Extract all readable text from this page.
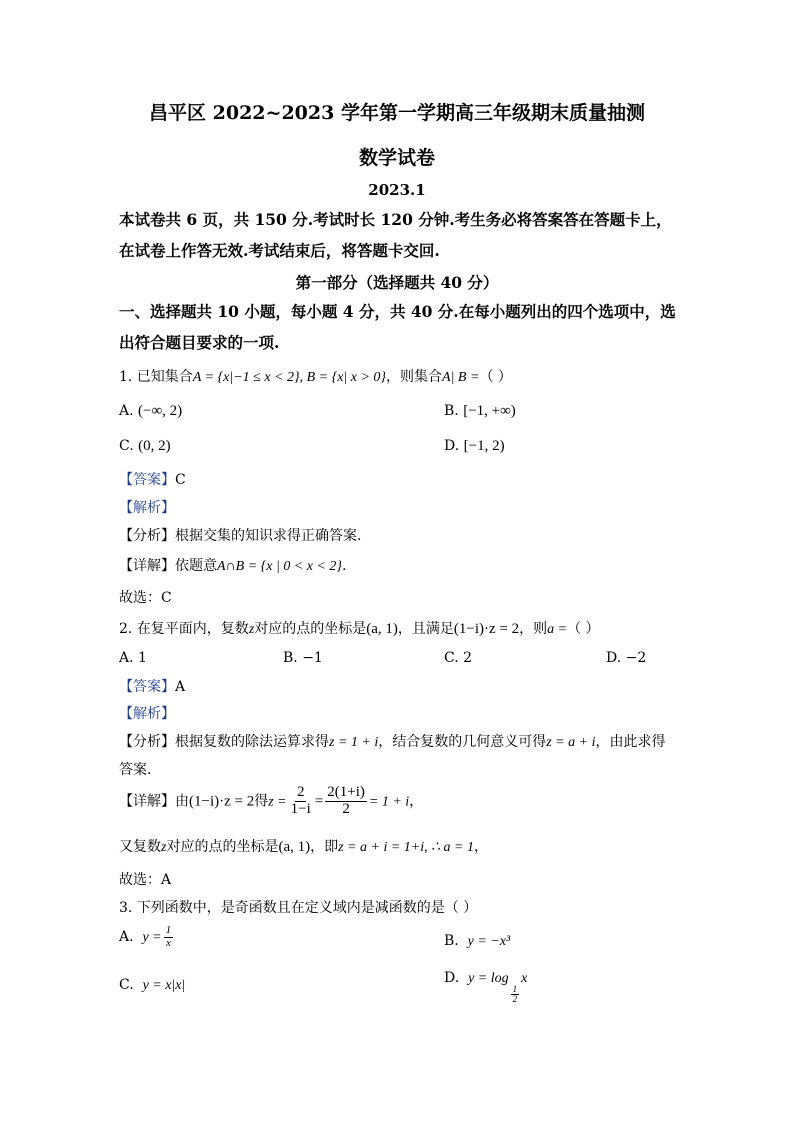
昌平区 2022~2023 学年第一学期高三年级期末质量抽测
数学试卷
2023.1
本试卷共 6 页，共 150 分.考试时长 120 分钟.考生务必将答案答在答题卡上，
在试卷上作答无效.考试结束后，将答题卡交回.
第一部分（选择题共 40 分）
一、选择题共 10 小题，每小题 4 分，共 40 分.在每小题列出的四个选项中，选
出符合题目要求的一项.
1. 已知集合A = {x|−1 ≤ x < 2}, B = {x| x > 0}，则集合A| B =（ ）
A. (−∞, 2)	B. [−1, +∞)
C. (0, 2)	D. [−1, 2)
【答案】C
【解析】
【分析】根据交集的知识求得正确答案.
【详解】依题意A∩B = {x | 0 < x < 2}.
故选：C
2. 在复平面内，复数z对应的点的坐标是(a, 1)，且满足(1−i)·z = 2，则a =（ ）
A. 1	B. −1	C. 2	D. −2
【答案】A
【解析】
【分析】根据复数的除法运算求得z = 1 + i，结合复数的几何意义可得z = a + i，由此求得
答案.
【详解】由(1−i)·z = 2得$z = \frac{2}{1-i} = \frac{2(1+i)}{2} = 1 + i$，
又复数z对应的点的坐标是(a, 1)，即z = a + i = 1+i, ∴ a = 1，
故选：A
3. 下列函数中，是奇函数且在定义域内是减函数的是（ ）
A. $y = \frac{1}{x}$	B. y = −x³
C. y = x|x|	D. y = log
$\frac{1}{2}$
x
